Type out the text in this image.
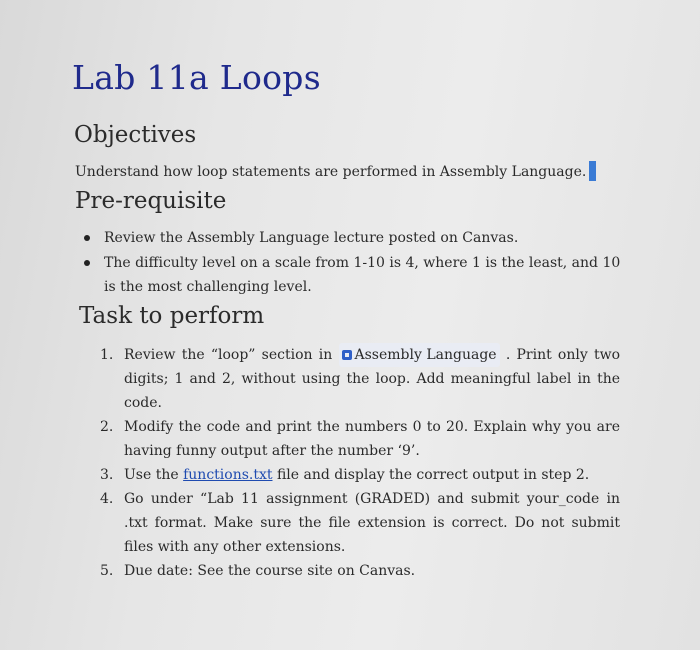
Lab 11a Loops
Objectives
Understand how loop statements are performed in Assembly Language.
Pre-requisite
Review the Assembly Language lecture posted on Canvas.
The difficulty level on a scale from 1-10 is 4, where 1 is the least, and 10 is the most challenging level.
Task to perform
1. Review the “loop” section in Assembly Language . Print only two digits; 1 and 2, without using the loop. Add meaningful label in the code.
2. Modify the code and print the numbers 0 to 20. Explain why you are having funny output after the number ‘9’.
3. Use the functions.txt file and display the correct output in step 2.
4. Go under “Lab 11 assignment (GRADED) and submit your_code in .txt format. Make sure the file extension is correct. Do not submit files with any other extensions.
5. Due date: See the course site on Canvas.
